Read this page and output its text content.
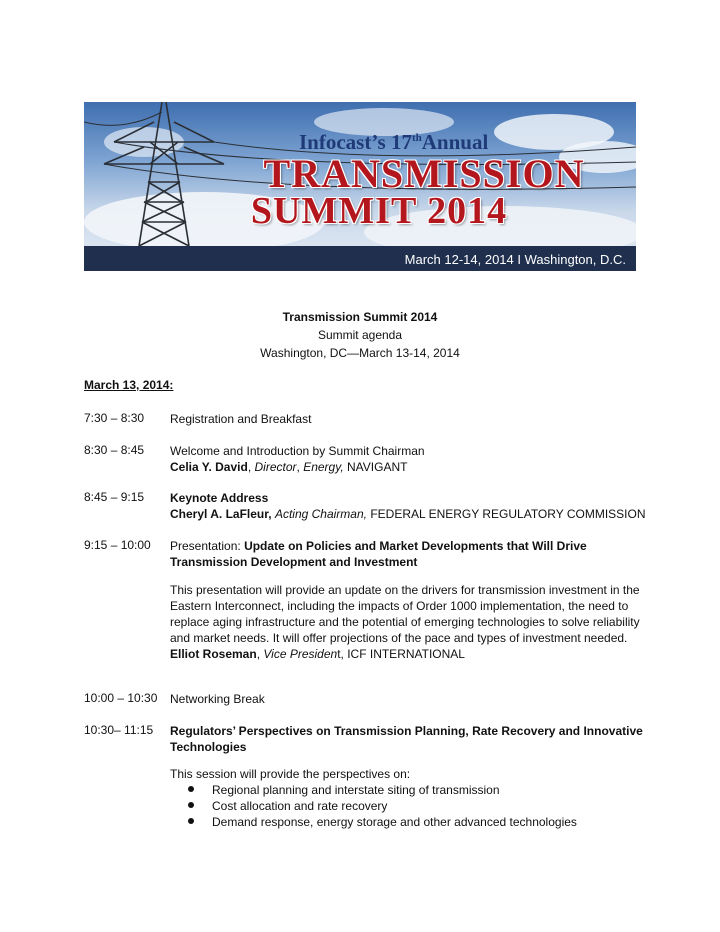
Infocast’s 17thAnnual
TRANSMISSION
SUMMIT 2014
March 12-14, 2014 I Washington, D.C.
Transmission Summit 2014
Summit agenda
Washington, DC—March 13-14, 2014
March 13, 2014:
7:30 – 8:30	Registration and Breakfast
8:30 – 8:45	Welcome and Introduction by Summit Chairman
Celia Y. David, Director, Energy, NAVIGANT
8:45 – 9:15	Keynote Address
Cheryl A. LaFleur, Acting Chairman, FEDERAL ENERGY REGULATORY COMMISSION
9:15 – 10:00	Presentation: Update on Policies and Market Developments that Will Drive
Transmission Development and Investment
This presentation will provide an update on the drivers for transmission investment in the Eastern Interconnect, including the impacts of Order 1000 implementation, the need to replace aging infrastructure and the potential of emerging technologies to solve reliability and market needs. It will offer projections of the pace and types of investment needed.
Elliot Roseman, Vice President, ICF INTERNATIONAL
10:00 – 10:30	Networking Break
10:30– 11:15	Regulators’ Perspectives on Transmission Planning, Rate Recovery and Innovative
Technologies
This session will provide the perspectives on:
Regional planning and interstate siting of transmission
Cost allocation and rate recovery
Demand response, energy storage and other advanced technologies
